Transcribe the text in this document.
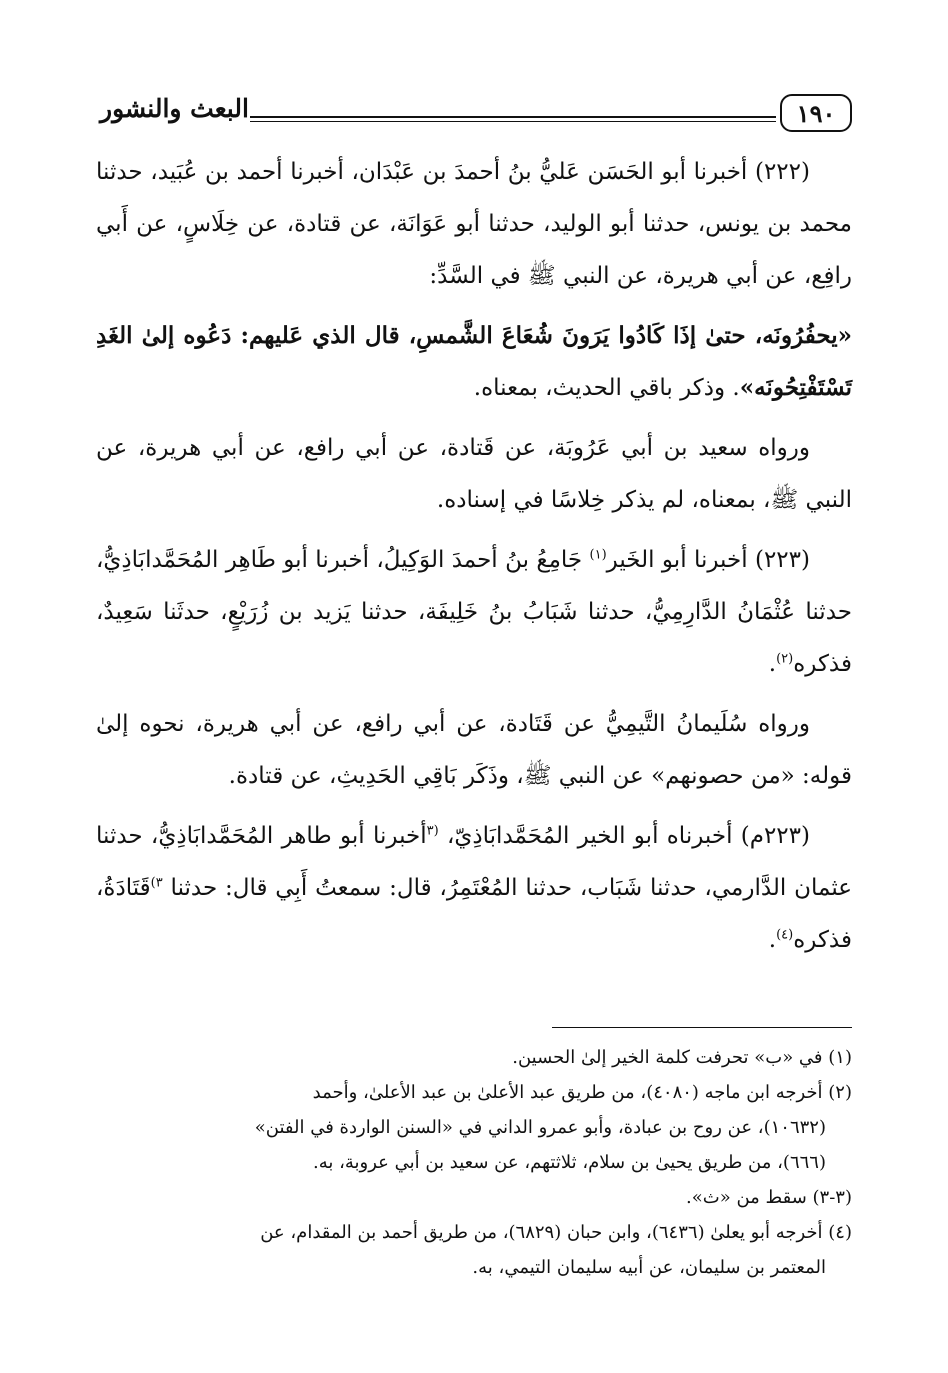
١٩٠
البعث والنشور

(٢٢٢) أخبرنا أبو الحَسَن عَليُّ بنُ أحمدَ بن عَبْدَان، أخبرنا أحمد بن عُبَيد، حدثنا محمد بن يونس، حدثنا أبو الوليد، حدثنا أبو عَوَانَة، عن قتادة، عن خِلَاسٍ، عن أَبي رافِع، عن أبي هريرة، عن النبي ﷺ في السَّدِّ:

«يحفُرُونَه، حتىٰ إذَا كَادُوا يَرَونَ شُعَاعَ الشَّمسِ، قال الذي عَليهم: دَعُوه إلىٰ الغَدِ تَسْتَفْتِحُونَه». وذكر باقي الحديث، بمعناه.

ورواه سعيد بن أبي عَرُوبَة، عن قَتادة، عن أبي رافع، عن أبي هريرة، عن النبي ﷺ، بمعناه، لم يذكر خِلاسًا في إسناده.

(٢٢٣) أخبرنا أبو الخَير$^{(١)}$ جَامِعُ بنُ أحمدَ الوَكِيلُ، أخبرنا أبو طَاهِر المُحَمَّدابَاذِيُّ، حدثنا عُثْمَانُ الدَّارِمِيُّ، حدثنا شَبَابُ بنُ خَلِيفَة، حدثنا يَزيد بن زُرَيْعٍ، حدثَنا سَعِيدٌ، فذكره$^{(٢)}$.

ورواه سُلَيمانُ التَّيمِيُّ عن قَتَادة، عن أبي رافع، عن أبي هريرة، نحوه إلىٰ قوله: «من حصونهم» عن النبي ﷺ، وذَكَر بَاقِي الحَدِيثِ، عن قتادة.

(٢٢٣م) أخبرناه أبو الخير المُحَمَّدابَاذِيّ، $^{(٣}$أخبرنا أبو طاهر المُحَمَّدابَاذِيُّ، حدثنا عثمان الدَّارمي، حدثنا شَبَاب، حدثنا المُعْتَمِرُ، قال: سمعتُ أَبِي قال: حدثنا $^{٣)}$قَتَادَةُ، فذكره$^{(٤)}$.

(١) في «ب» تحرفت كلمة الخير إلىٰ الحسين.

(٢) أخرجه ابن ماجه (٤٠٨٠)، من طريق عبد الأعلىٰ بن عبد الأعلىٰ، وأحمد

(١٠٦٣٢)، عن روح بن عبادة، وأبو عمرو الداني في «السنن الواردة في الفتن»

(٦٦٦)، من طريق يحيىٰ بن سلام، ثلاثتهم، عن سعيد بن أبي عروبة، به.

(٣-٣) سقط من «ث».

(٤) أخرجه أبو يعلىٰ (٦٤٣٦)، وابن حبان (٦٨٢٩)، من طريق أحمد بن المقدام، عن

المعتمر بن سليمان، عن أبيه سليمان التيمي، به.
